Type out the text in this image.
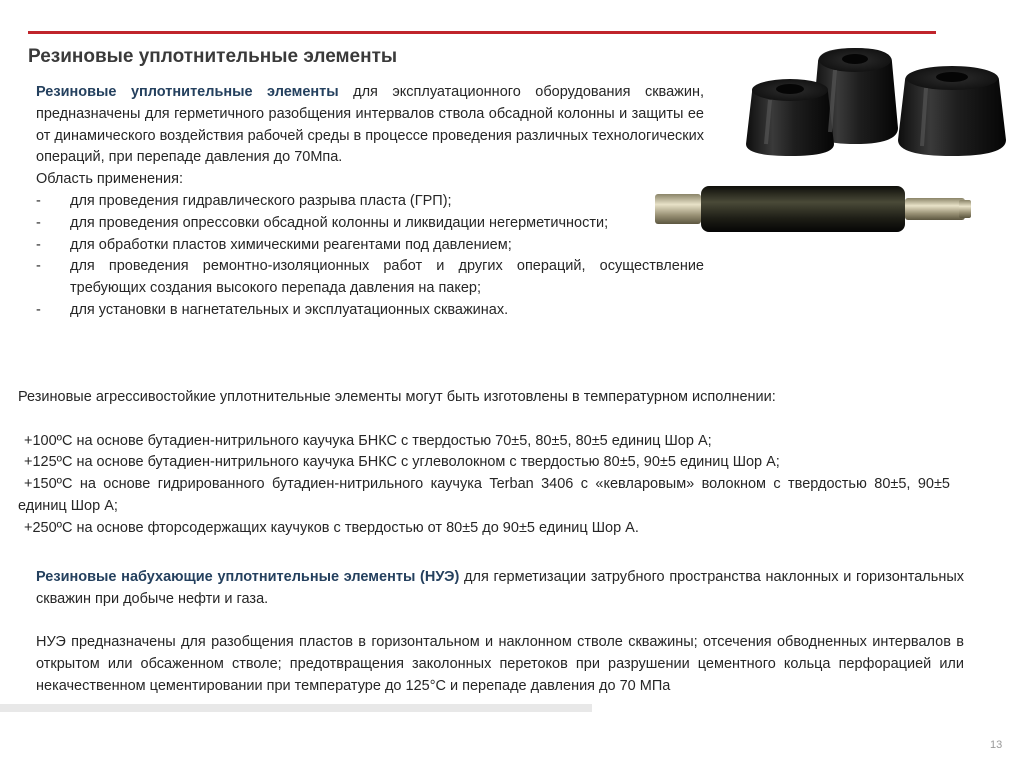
Резиновые уплотнительные элементы

Резиновые уплотнительные элементы для эксплуатационного оборудования скважин, предназначены для герметичного разобщения интервалов ствола обсадной колонны и защиты ее от динамического воздействия рабочей среды в процессе проведения различных технологических операций, при перепаде давления до 70Мпа.

Область применения:

- для проведения гидравлического разрыва пласта (ГРП);
- для проведения опрессовки обсадной колонны и ликвидации негерметичности;
- для обработки пластов химическими реагентами под давлением;
- для проведения ремонтно-изоляционных работ и других операций, осуществление требующих создания высокого перепада давления на пакер;
- для установки в нагнетательных и эксплуатационных скважинах.

Резиновые агрессивостойкие уплотнительные элементы могут быть изготовлены в температурном исполнении:

+100ºС на основе бутадиен-нитрильного каучука БНКС с твердостью 70±5, 80±5, 80±5 единиц Шор А;
+125ºС на основе бутадиен-нитрильного каучука БНКС с углеволокном с твердостью 80±5, 90±5 единиц Шор А;
+150ºС на основе гидрированного бутадиен-нитрильного каучука Terban 3406 с «кевларовым» волокном с твердостью 80±5, 90±5 единиц Шор А;
+250ºС на основе фторсодержащих каучуков с твердостью от 80±5 до 90±5 единиц Шор А.

Резиновые набухающие уплотнительные элементы (НУЭ) для герметизации затрубного пространства наклонных и горизонтальных скважин при добыче нефти и газа.

НУЭ предназначены для разобщения пластов в горизонтальном и наклонном стволе скважины; отсечения обводненных интервалов в открытом или обсаженном стволе; предотвращения заколонных перетоков при разрушении цементного кольца перфорацией или некачественном цементировании при температуре до 125°С и перепаде давления до 70 МПа

13
